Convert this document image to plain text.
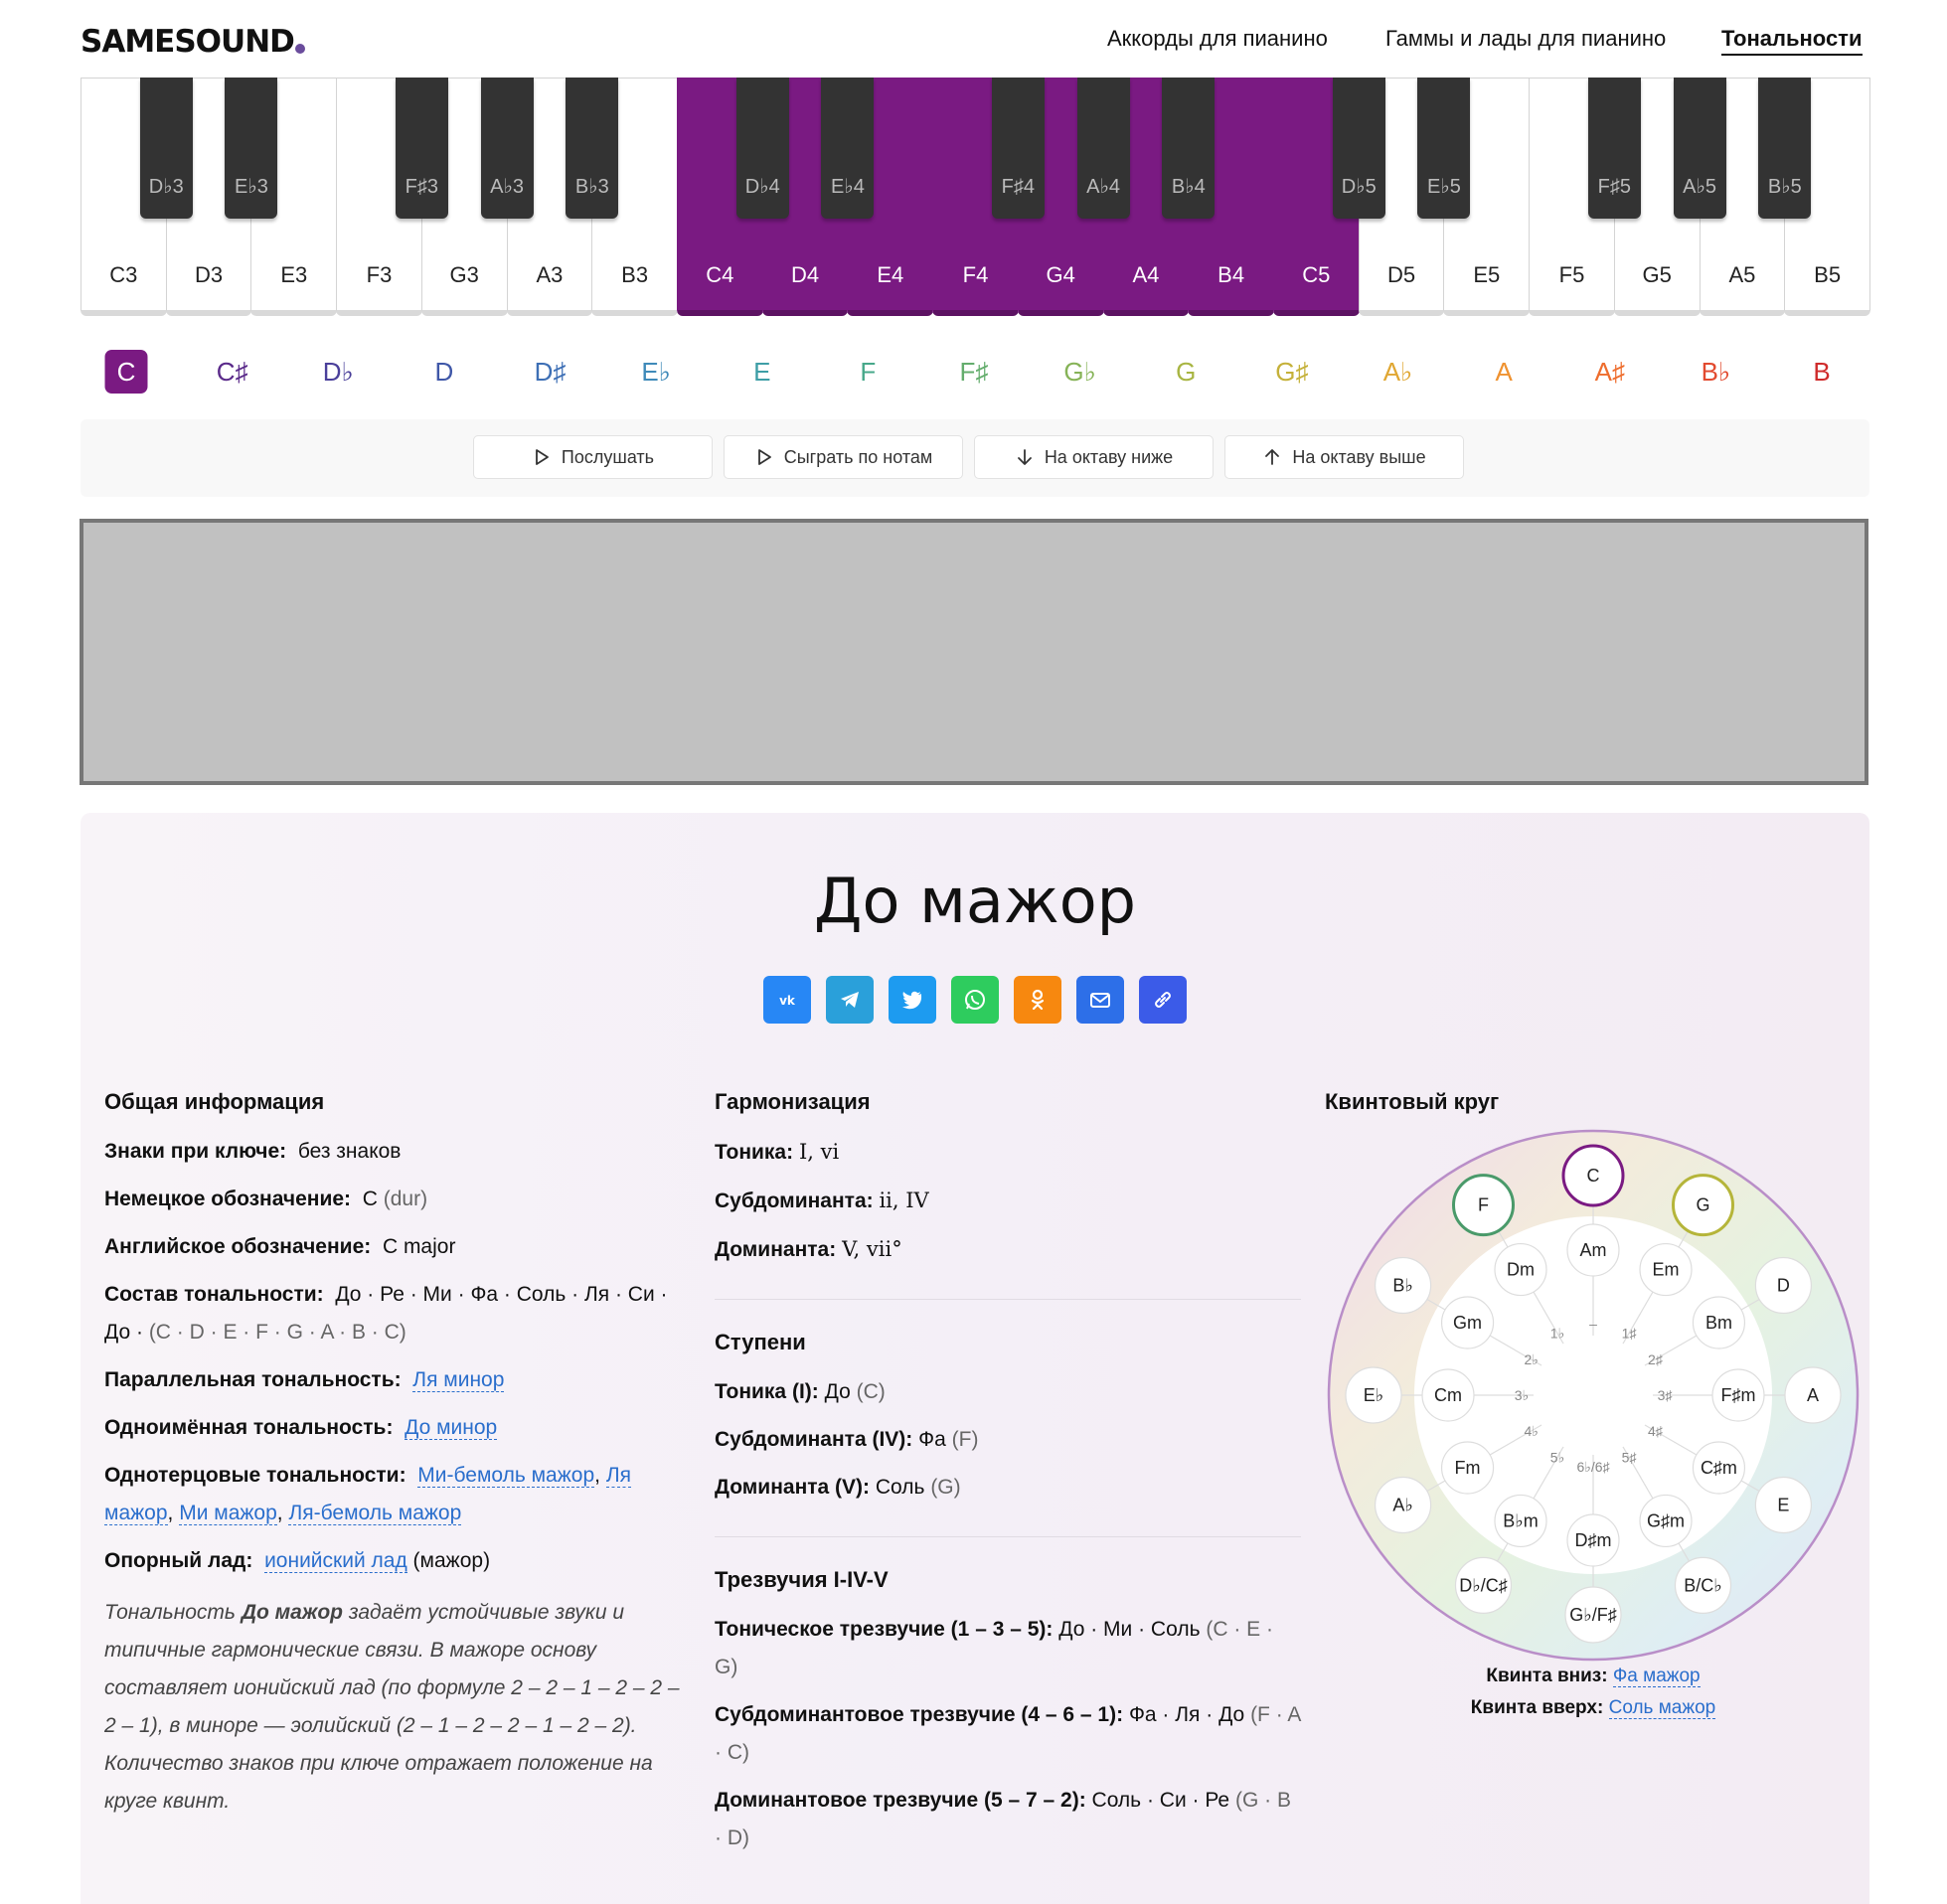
SAMESOUND	Аккорды для пианино	Гаммы и лады для пианино	Тональности
C3	D3	E3	F3	G3	A3	B3	C4	D4	E4	F4	G4	A4	B4	C5	D5	E5	F5	G5	A5	B5
D♭3	E♭3	F♯3	A♭3	B♭3	D♭4	E♭4	F♯4	A♭4	B♭4	D♭5	E♭5	F♯5	A♭5	B♭5
C	C♯	D♭	D	D♯	E♭	E	F	F♯	G♭	G	G♯	A♭	A	A♯	B♭	B
Послушать	Сыграть по нотам	На октаву ниже	На октаву выше
До мажор
vk
Общая информация
Знаки при ключе: без знаков
Немецкое обозначение: C (dur)
Английское обозначение: C major
Состав тональности: До · Ре · Ми · Фа · Соль · Ля · Си · До · (C · D · E · F · G · A · B · C)
Параллельная тональность: Ля минор
Одноимённая тональность: До минор
Однотерцовые тональности: Ми-бемоль мажор, Ля мажор, Ми мажор, Ля-бемоль мажор
Опорный лад: ионийский лад (мажор)
Тональность До мажор задаёт устойчивые звуки и типичные гармонические связи. В мажоре основу составляет ионийский лад (по формуле 2 – 2 – 1 – 2 – 2 – 2 – 1), в миноре — эолийский (2 – 1 – 2 – 2 – 1 – 2 – 2). Количество знаков при ключе отражает положение на круге квинт.
Гармонизация
Тоника: I, vi
Субдоминанта: ii, IV
Доминанта: V, vii°
Ступени
Тоника (I): До (C)
Субдоминанта (IV): Фа (F)
Доминанта (V): Соль (G)
Трезвучия I-IV-V
Тоническое трезвучие (1 – 3 – 5): До · Ми · Соль (C · E · G)
Субдоминантовое трезвучие (4 – 6 – 1): Фа · Ля · До (F · A · C)
Доминантовое трезвучие (5 – 7 – 2): Соль · Си · Ре (G · B · D)
Квинтовый круг
–
Am
C
1♯
Em
G
2♯
Bm
D
3♯	F♯m	A
4♯
C♯m
E
5♯
G♯m
B/C♭
6♭/6♯
D♯m
G♭/F♯
5♭
B♭m
D♭/C♯
4♭
Fm
A♭
3♭
Cm
E♭
2♭
Gm
B♭
1♭
Dm
F
Квинта вниз: Фа мажор
Квинта вверх: Соль мажор
